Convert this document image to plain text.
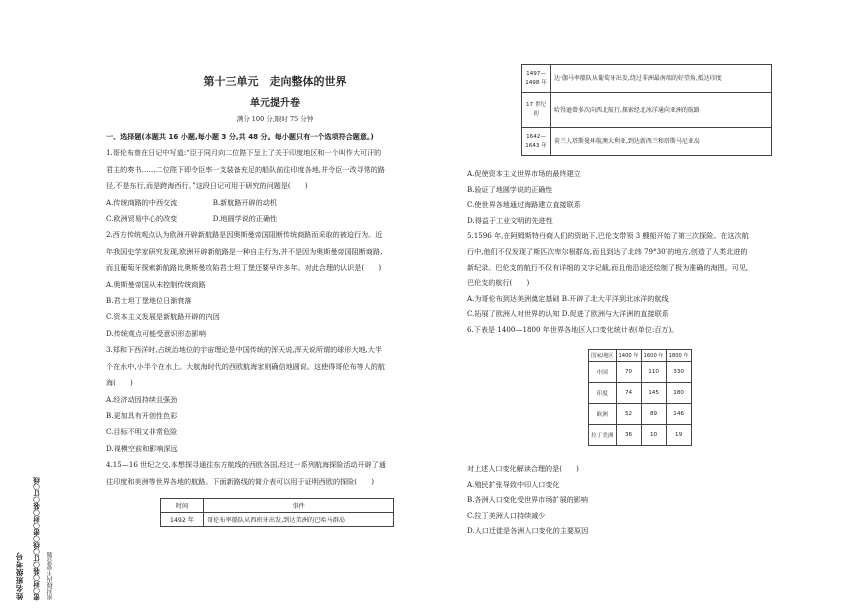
姓名班级考号 密〇封〇装〇订〇线〇密〇封〇装〇订〇线 密封线内不要答题
第十三单元　走向整体的世界
单元提升卷
满分 100 分,限时 75 分钟

一、选择题(本题共 16 小题,每小题 3 分,共 48 分。每小题只有一个选项符合题意。)

1.哥伦布曾在日记中写道:“臣于同月向二位陛下呈上了关于印度地区和一个叫作大可汗的

君主的奏书……二位陛下即令臣率一支装备充足的船队前往印度各地,并令臣一改寻常的路

径,不是东行,而是跨海西行。”这段日记可用于研究的问题是(　　)

A.传统商路的中西交流　　　　　B.新航路开辟的动机

C.欧洲贸易中心的改变　　　　　D.地圆学说的正确性

2.西方传统观点认为欧洲开辟新航路是因奥斯曼帝国阻断传统商路而采取的被迫行为。近

年我国史学家研究发现,欧洲开辟新航路是一种自主行为,并不是因为奥斯曼帝国阻断商路,

而且葡萄牙探索新航路比奥斯曼攻陷君士坦丁堡还要早许多年。对此合理的认识是(　　)

A.奥斯曼帝国从未控制传统商路

B.君士坦丁堡地位日渐衰落

C.资本主义发展是新航路开辟的内因

D.传统观点可能受意识形态影响

3.郑和下西洋时,占统治地位的宇宙理论是中国传统的浑天说,浑天说所谓的球形大地,大半

个在水中,小半个在水上。大航海时代的西欧航海家则确信地圆说。这使得哥伦布等人的航

海(　　)

A.经济动因持续且强劲

B.更加具有开创性色彩

C.目标不明又非常危险

D.视模空前和影响深远

4.15—16 世纪之交,本想探寻通往东方航线的西欧各国,经过一系列航海探险活动开辟了通

往印度和美洲等世界各地的航路。下面新路线的简介表可以用于证明西欧的探险(　　)

时间	事件
1492 年	哥伦布率船队从西班牙出发,到达美洲的巴哈马群岛
1497—1498 年	达·伽马率船队从葡萄牙出发,绕过非洲最南端的好望角,抵达印度
17 世纪初	哈得逊曾多次向西北航行,探索经北冰洋通向亚洲的航路
1642—1643 年	荷兰人塔斯曼环航澳大利亚,到达新西兰和塔斯马尼亚岛

A.促使资本主义世界市场的最终建立

B.验证了地圆学说的正确性

C.使世界各地通过海路建立直接联系

D.得益于工业文明的先进性

5.1596 年,在阿姆斯特丹商人们的资助下,巴伦支带领 3 艘船开始了第三次探险。在这次航

行中,他们不仅发现了斯匹次卑尔根群岛,而且到达了北纬 79°30′的地方,创造了人类北进的

新纪录。巴伦支的航行不仅有详细的文字记载,而且他沿途还绘制了极为准确的海图。可见,

巴伦支的航行(　　)

A.为哥伦布到达美洲奠定基础 B.开辟了北大平洋到北冰洋的航线

C.拓展了欧洲人对世界的认知 D.促进了欧洲与大洋洲的直接联系

6.下表是 1400—1800 年世界各地区人口变化统计表(单位:百万)。

国家/地区	1400 年	1600 年	1800 年
中国	70	110	330
印度	74	145	180
欧洲	52	89	146
拉丁美洲	36	10	19

对上述人口变化解读合理的是(　　)

A.殖民扩张导致中印人口变化

B.各洲人口变化受世界市场扩展的影响

C.拉丁美洲人口持续减少

D.人口迁徙是各洲人口变化的主要原因
